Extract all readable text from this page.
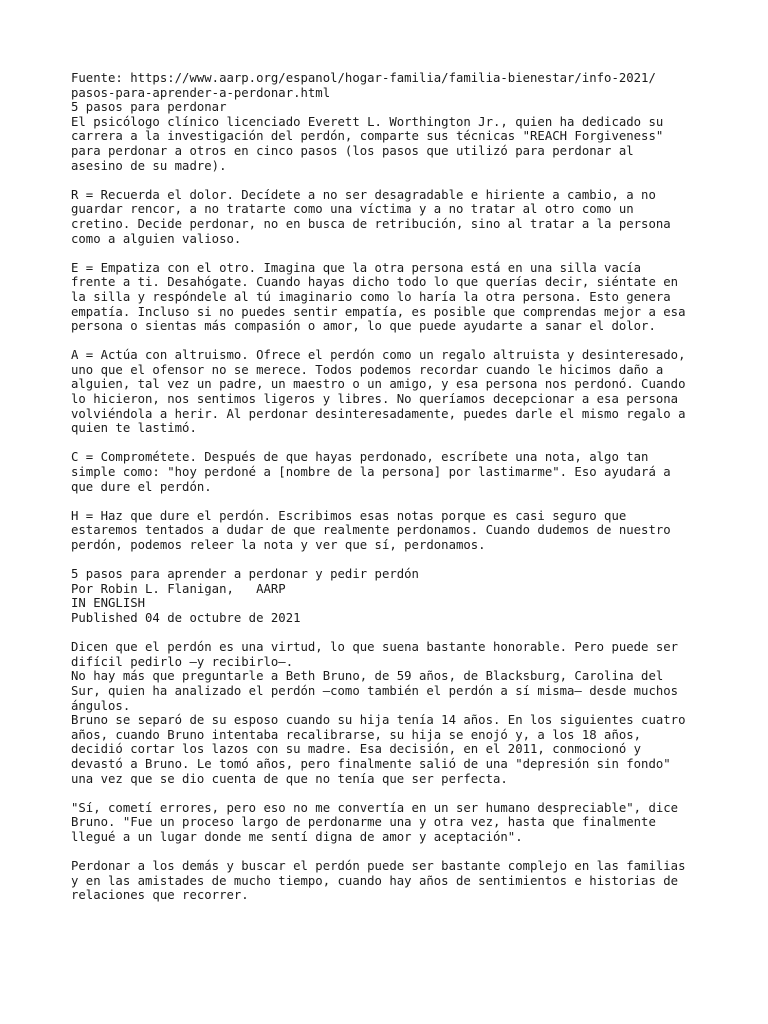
Fuente: https://www.aarp.org/espanol/hogar-familia/familia-bienestar/info-2021/
pasos-para-aprender-a-perdonar.html
5 pasos para perdonar
El psicólogo clínico licenciado Everett L. Worthington Jr., quien ha dedicado su
carrera a la investigación del perdón, comparte sus técnicas "REACH Forgiveness"
para perdonar a otros en cinco pasos (los pasos que utilizó para perdonar al
asesino de su madre).
R = Recuerda el dolor. Decídete a no ser desagradable e hiriente a cambio, a no
guardar rencor, a no tratarte como una víctima y a no tratar al otro como un
cretino. Decide perdonar, no en busca de retribución, sino al tratar a la persona
como a alguien valioso.
E = Empatiza con el otro. Imagina que la otra persona está en una silla vacía
frente a ti. Desahógate. Cuando hayas dicho todo lo que querías decir, siéntate en
la silla y respóndele al tú imaginario como lo haría la otra persona. Esto genera
empatía. Incluso si no puedes sentir empatía, es posible que comprendas mejor a esa
persona o sientas más compasión o amor, lo que puede ayudarte a sanar el dolor.
A = Actúa con altruismo. Ofrece el perdón como un regalo altruista y desinteresado,
uno que el ofensor no se merece. Todos podemos recordar cuando le hicimos daño a
alguien, tal vez un padre, un maestro o un amigo, y esa persona nos perdonó. Cuando
lo hicieron, nos sentimos ligeros y libres. No queríamos decepcionar a esa persona
volviéndola a herir. Al perdonar desinteresadamente, puedes darle el mismo regalo a
quien te lastimó.
C = Comprométete. Después de que hayas perdonado, escríbete una nota, algo tan
simple como: "hoy perdoné a [nombre de la persona] por lastimarme". Eso ayudará a
que dure el perdón.
H = Haz que dure el perdón. Escribimos esas notas porque es casi seguro que
estaremos tentados a dudar de que realmente perdonamos. Cuando dudemos de nuestro
perdón, podemos releer la nota y ver que sí, perdonamos.
5 pasos para aprender a perdonar y pedir perdón
Por Robin L. Flanigan,   AARP
IN ENGLISH
Published 04 de octubre de 2021
Dicen que el perdón es una virtud, lo que suena bastante honorable. Pero puede ser
difícil pedirlo —y recibirlo—.
No hay más que preguntarle a Beth Bruno, de 59 años, de Blacksburg, Carolina del
Sur, quien ha analizado el perdón —como también el perdón a sí misma— desde muchos
ángulos.
Bruno se separó de su esposo cuando su hija tenía 14 años. En los siguientes cuatro
años, cuando Bruno intentaba recalibrarse, su hija se enojó y, a los 18 años,
decidió cortar los lazos con su madre. Esa decisión, en el 2011, conmocionó y
devastó a Bruno. Le tomó años, pero finalmente salió de una "depresión sin fondo"
una vez que se dio cuenta de que no tenía que ser perfecta.
"Sí, cometí errores, pero eso no me convertía en un ser humano despreciable", dice
Bruno. "Fue un proceso largo de perdonarme una y otra vez, hasta que finalmente
llegué a un lugar donde me sentí digna de amor y aceptación".
Perdonar a los demás y buscar el perdón puede ser bastante complejo en las familias
y en las amistades de mucho tiempo, cuando hay años de sentimientos e historias de
relaciones que recorrer.
